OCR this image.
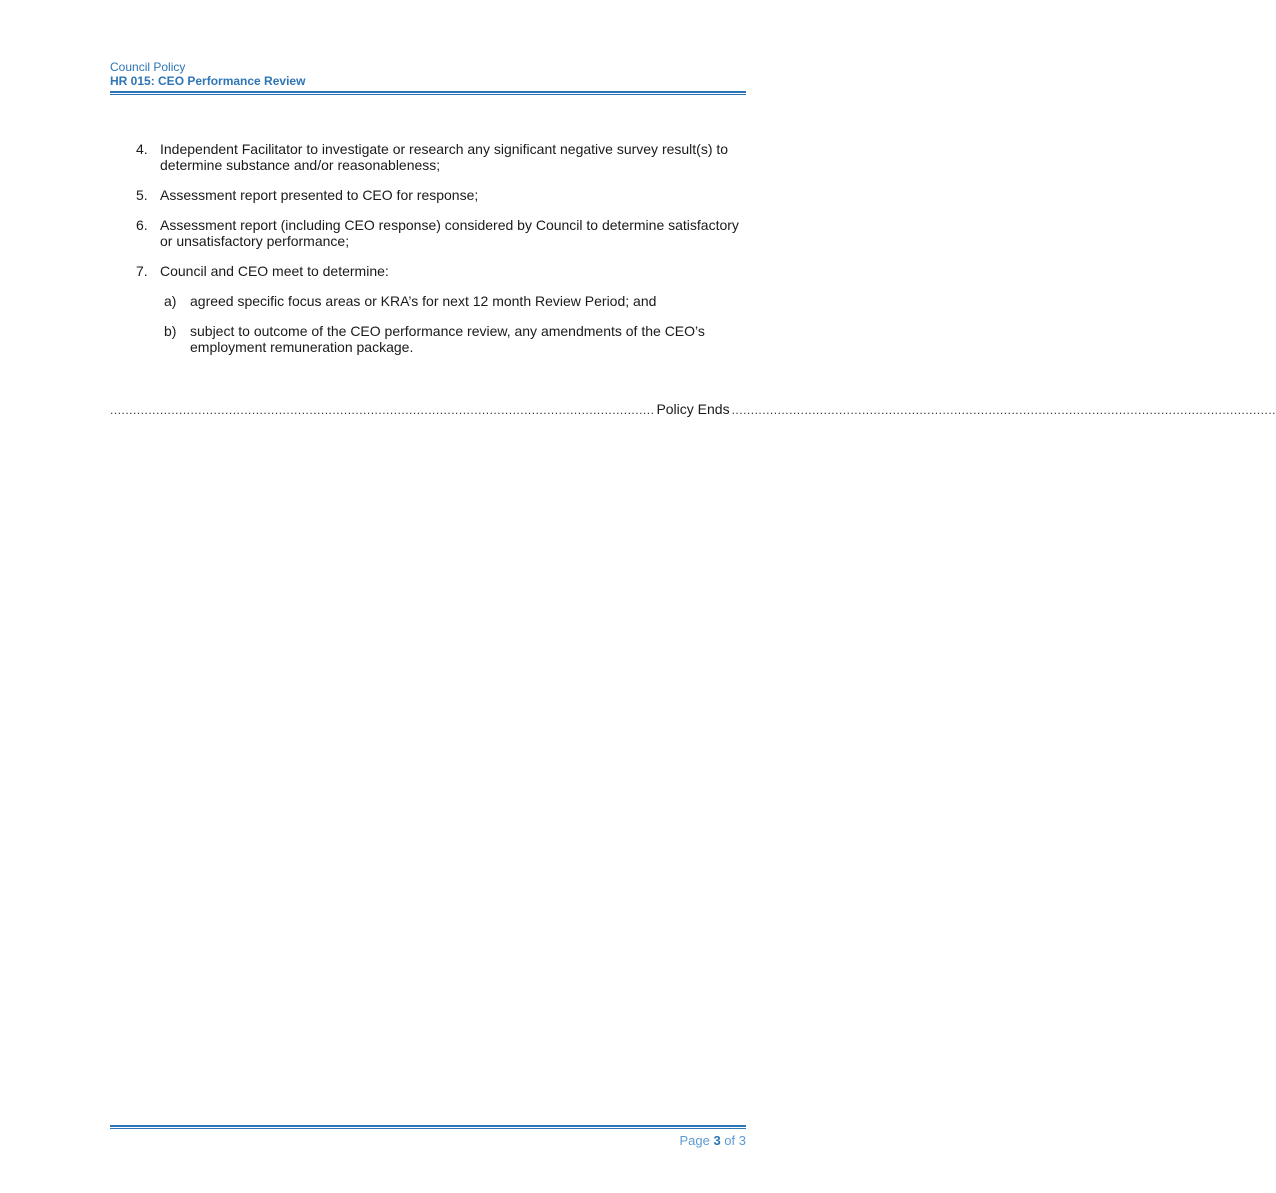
Council Policy
HR 015: CEO Performance Review
4. Independent Facilitator to investigate or research any significant negative survey result(s) to determine substance and/or reasonableness;
5. Assessment report presented to CEO for response;
6. Assessment report (including CEO response) considered by Council to determine satisfactory or unsatisfactory performance;
7. Council and CEO meet to determine:
a) agreed specific focus areas or KRA’s for next 12 month Review Period; and
b) subject to outcome of the CEO performance review, any amendments of the CEO’s employment remuneration package.
.............................................................................................................................................. Policy Ends ..............................................................................................................................................
Page 3 of 3
